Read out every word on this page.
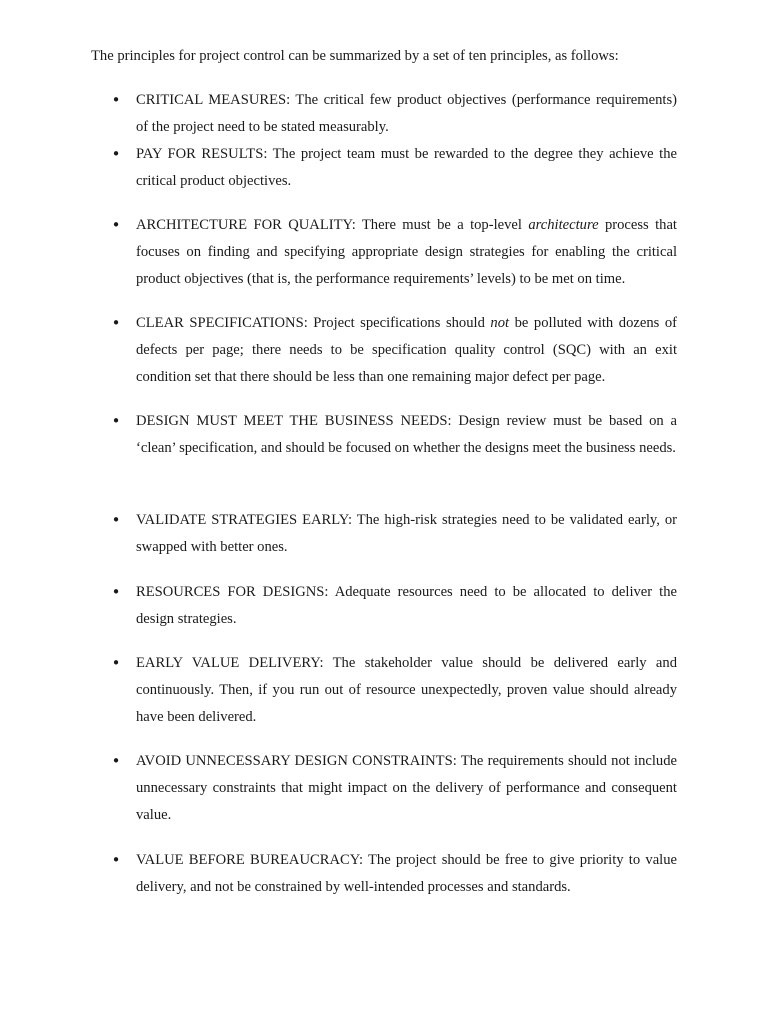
The principles for project control can be summarized by a set of ten principles, as follows:

• CRITICAL MEASURES: The critical few product objectives (performance requirements) of the project need to be stated measurably.

• PAY FOR RESULTS: The project team must be rewarded to the degree they achieve the critical product objectives.

• ARCHITECTURE FOR QUALITY: There must be a top-level architecture process that focuses on finding and specifying appropriate design strategies for enabling the critical product objectives (that is, the performance requirements’ levels) to be met on time.

• CLEAR SPECIFICATIONS: Project specifications should not be polluted with dozens of defects per page; there needs to be specification quality control (SQC) with an exit condition set that there should be less than one remaining major defect per page.

• DESIGN MUST MEET THE BUSINESS NEEDS: Design review must be based on a ‘clean’ specification, and should be focused on whether the designs meet the business needs.

• VALIDATE STRATEGIES EARLY: The high-risk strategies need to be validated early, or swapped with better ones.

• RESOURCES FOR DESIGNS: Adequate resources need to be allocated to deliver the design strategies.

• EARLY VALUE DELIVERY: The stakeholder value should be delivered early and continuously. Then, if you run out of resource unexpectedly, proven value should already have been delivered.

• AVOID UNNECESSARY DESIGN CONSTRAINTS: The requirements should not include unnecessary constraints that might impact on the delivery of performance and consequent value.

• VALUE BEFORE BUREAUCRACY: The project should be free to give priority to value delivery, and not be constrained by well-intended processes and standards.
